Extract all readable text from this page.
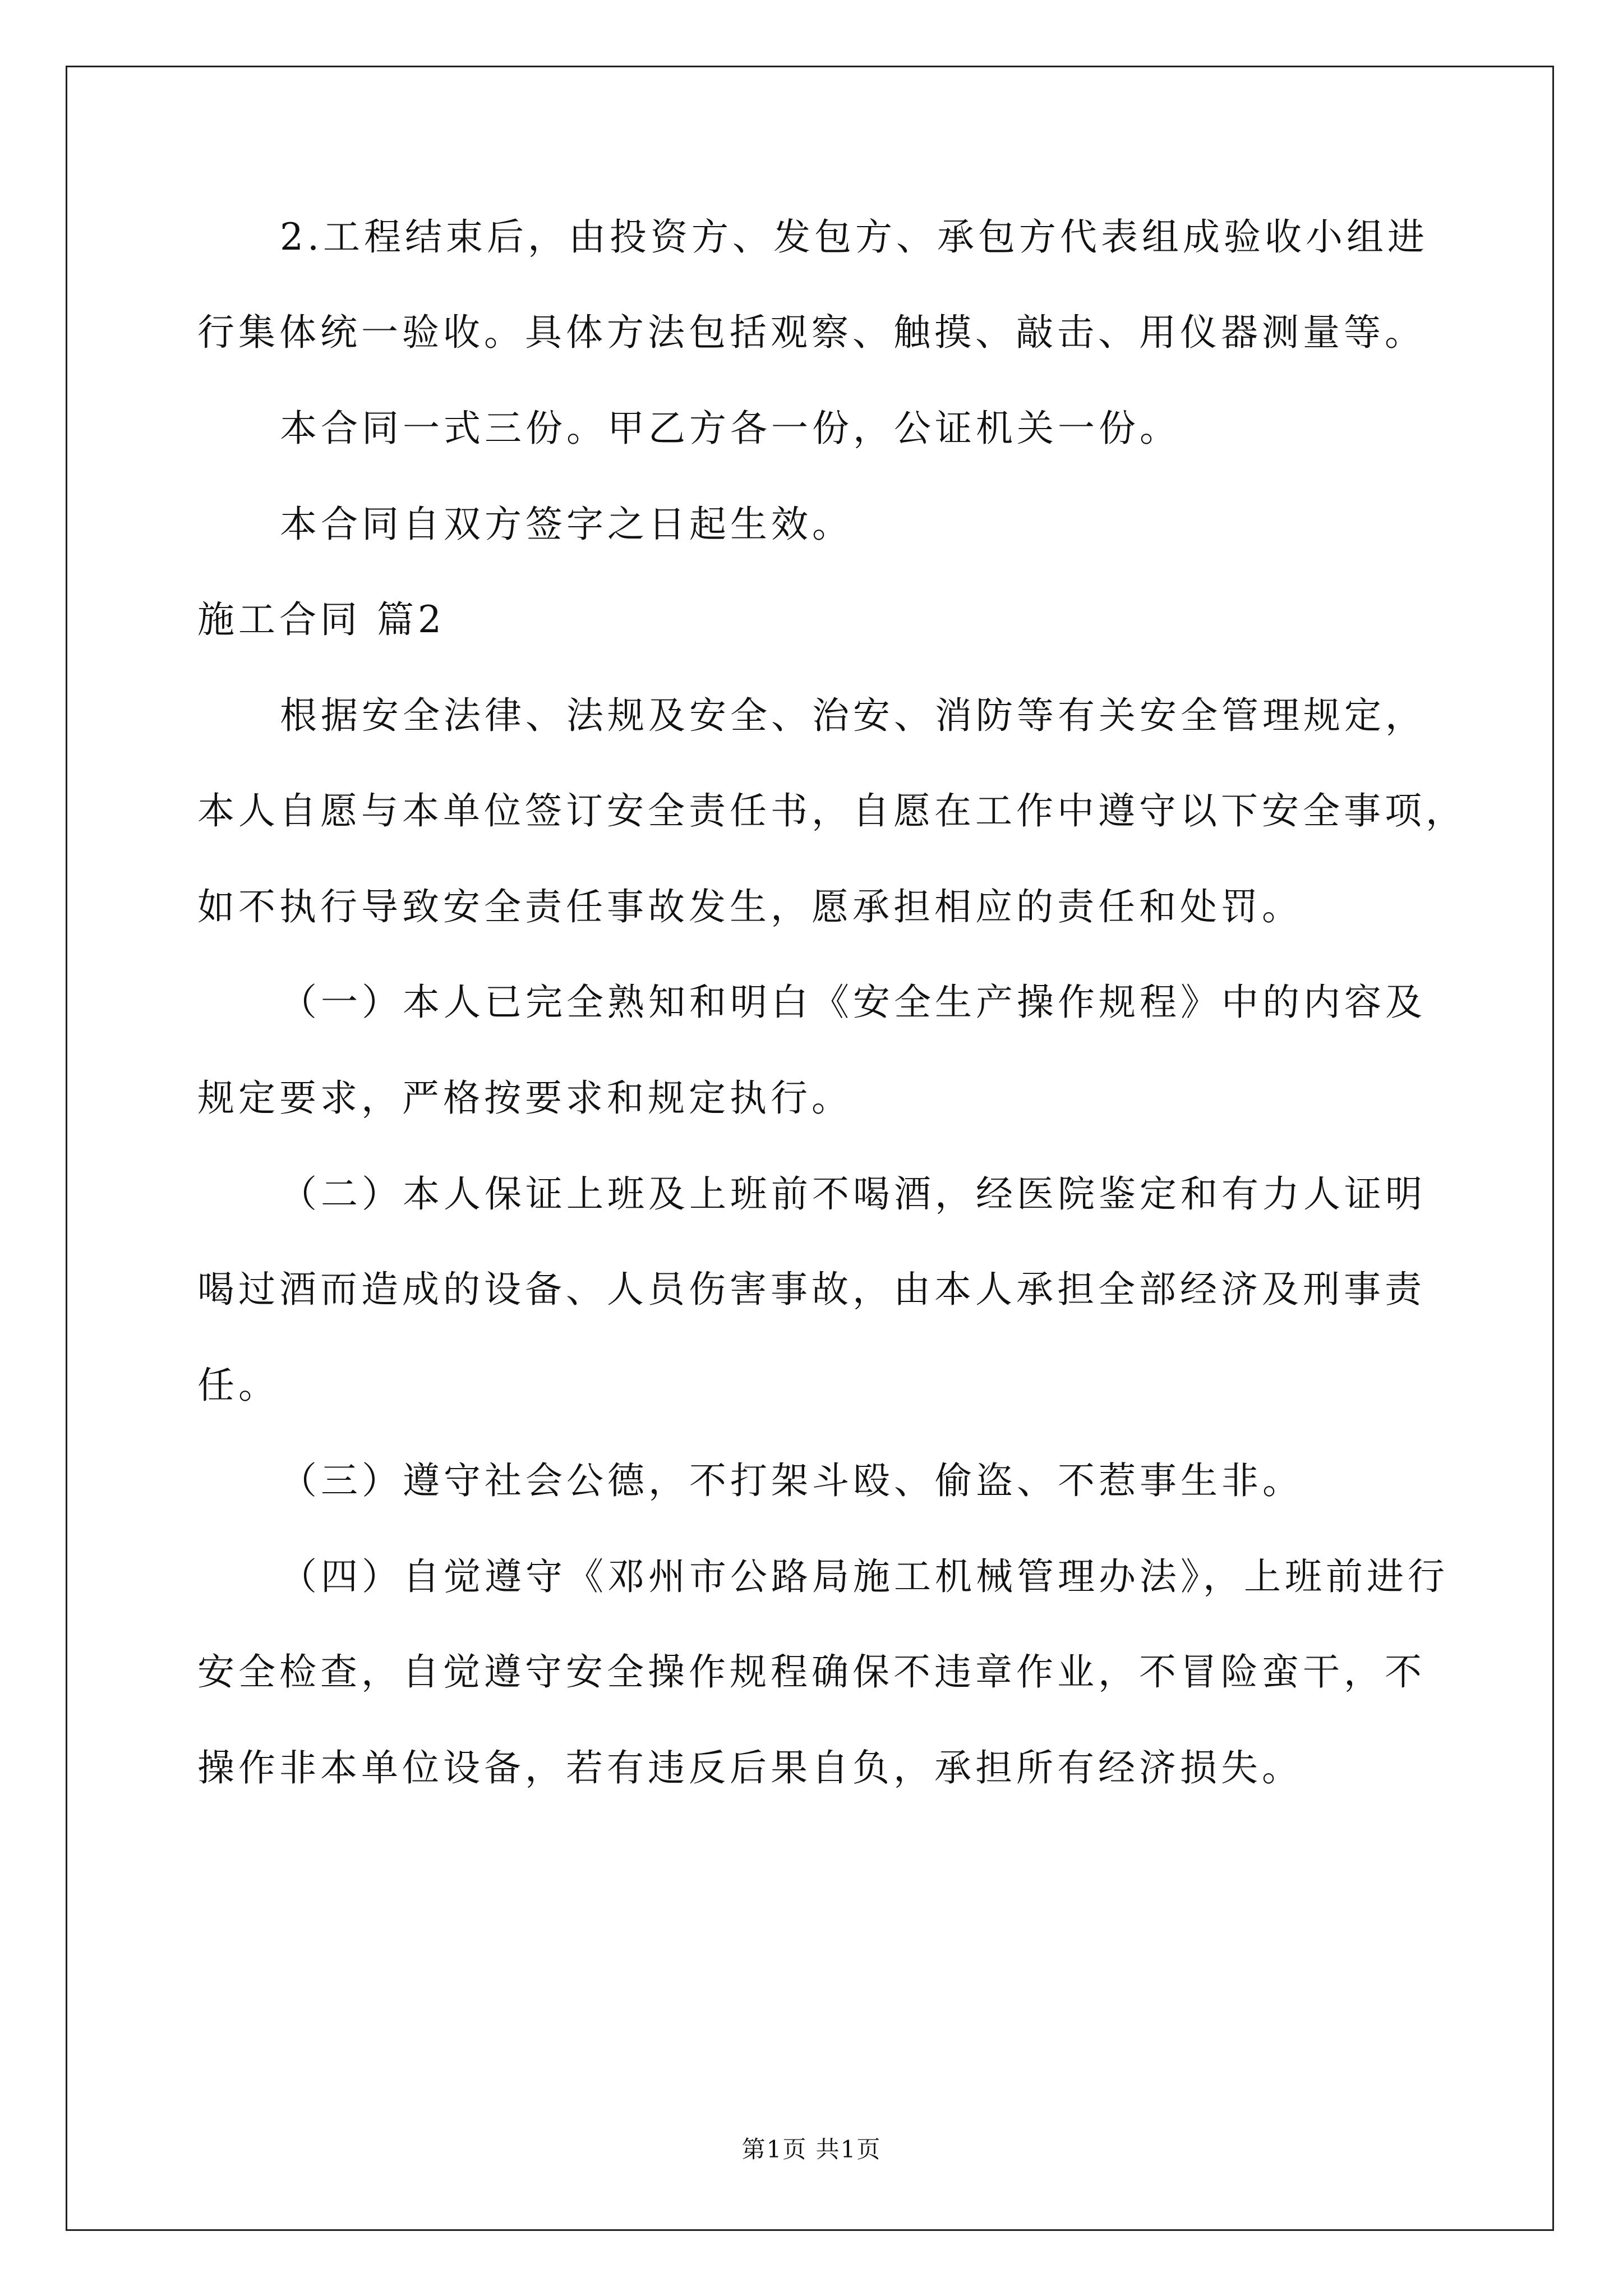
2.工程结束后，由投资方、发包方、承包方代表组成验收小组进

行集体统一验收。具体方法包括观察、触摸、敲击、用仪器测量等。

本合同一式三份。甲乙方各一份，公证机关一份。

本合同自双方签字之日起生效。

施工合同 篇2

根据安全法律、法规及安全、治安、消防等有关安全管理规定，

本人自愿与本单位签订安全责任书，自愿在工作中遵守以下安全事项，

如不执行导致安全责任事故发生，愿承担相应的责任和处罚。

（一）本人已完全熟知和明白《安全生产操作规程》中的内容及

规定要求，严格按要求和规定执行。

（二）本人保证上班及上班前不喝酒，经医院鉴定和有力人证明

喝过酒而造成的设备、人员伤害事故，由本人承担全部经济及刑事责

任。

（三）遵守社会公德，不打架斗殴、偷盗、不惹事生非。

（四）自觉遵守《邓州市公路局施工机械管理办法》，上班前进行

安全检查，自觉遵守安全操作规程确保不违章作业，不冒险蛮干，不

操作非本单位设备，若有违反后果自负，承担所有经济损失。

第1页 共1页
